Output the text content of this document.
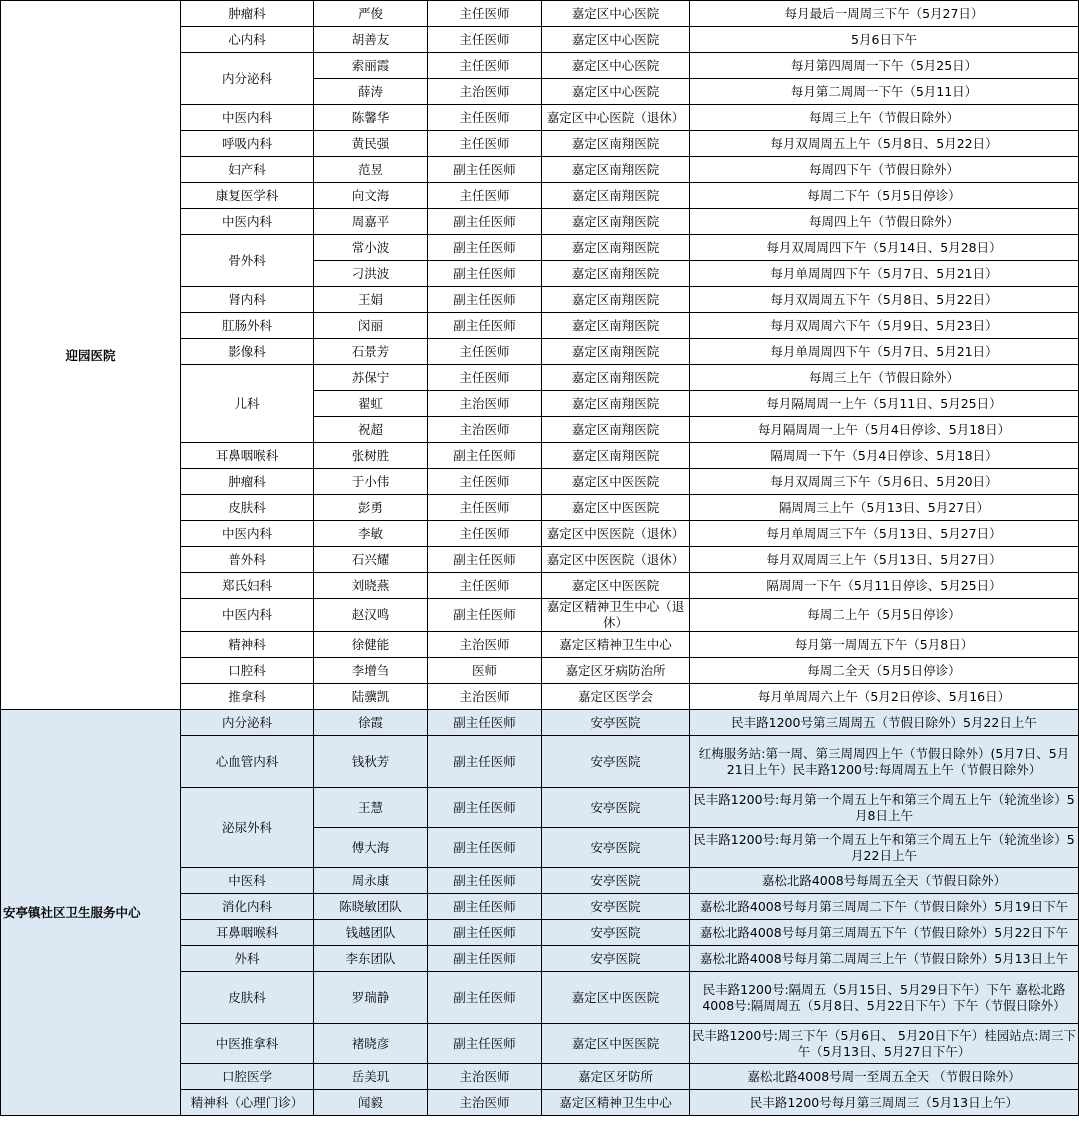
迎园医院	肿瘤科	严俊	主任医师	嘉定区中心医院	每月最后一周周三下午（5月27日）
	心内科	胡善友	主任医师	嘉定区中心医院	5月6日下午
	内分泌科	索丽霞	主任医师	嘉定区中心医院	每月第四周周一下午（5月25日）
		薛涛	主治医师	嘉定区中心医院	每月第二周周一下午（5月11日）
	中医内科	陈馨华	主任医师	嘉定区中心医院（退休）	每周三上午（节假日除外）
	呼吸内科	黄民强	主任医师	嘉定区南翔医院	每月双周周五上午（5月8日、5月22日）
	妇产科	范昱	副主任医师	嘉定区南翔医院	每周四下午（节假日除外）
	康复医学科	向文海	主任医师	嘉定区南翔医院	每周二下午（5月5日停诊）
	中医内科	周嘉平	副主任医师	嘉定区南翔医院	每周四上午（节假日除外）
	骨外科	常小波	副主任医师	嘉定区南翔医院	每月双周周四下午（5月14日、5月28日）
		刁洪波	副主任医师	嘉定区南翔医院	每月单周周四下午（5月7日、5月21日）
	肾内科	王娟	副主任医师	嘉定区南翔医院	每月双周周五下午（5月8日、5月22日）
	肛肠外科	闵丽	副主任医师	嘉定区南翔医院	每月双周周六下午（5月9日、5月23日）
	影像科	石景芳	主任医师	嘉定区南翔医院	每月单周周四下午（5月7日、5月21日）
	儿科	苏保宁	主任医师	嘉定区南翔医院	每周三上午（节假日除外）
		翟虹	主治医师	嘉定区南翔医院	每月隔周周一上午（5月11日、5月25日）
		祝超	主治医师	嘉定区南翔医院	每月隔周周一上午（5月4日停诊、5月18日）
	耳鼻咽喉科	张树胜	副主任医师	嘉定区南翔医院	隔周周一下午（5月4日停诊、5月18日）
	肿瘤科	于小伟	主任医师	嘉定区中医医院	每月双周周三下午（5月6日、5月20日）
	皮肤科	彭勇	主任医师	嘉定区中医医院	隔周周三上午（5月13日、5月27日）
	中医内科	李敏	主任医师	嘉定区中医医院（退休）	每月单周周三下午（5月13日、5月27日）
	普外科	石兴耀	副主任医师	嘉定区中医医院（退休）	每月双周周三上午（5月13日、5月27日）
	郑氏妇科	刘晓燕	主任医师	嘉定区中医医院	隔周周一下午（5月11日停诊、5月25日）
	中医内科	赵汉鸣	副主任医师	嘉定区精神卫生中心（退休）	每周二上午（5月5日停诊）
	精神科	徐健能	主治医师	嘉定区精神卫生中心	每月第一周周五下午（5月8日）
	口腔科	李增刍	医师	嘉定区牙病防治所	每周二全天（5月5日停诊）
	推拿科	陆骥凯	主治医师	嘉定区医学会	每月单周周六上午（5月2日停诊、5月16日）
安亭镇社区卫生服务中心	内分泌科	徐霞	副主任医师	安亭医院	民丰路1200号第三周周五（节假日除外）5月22日上午
	心血管内科	钱秋芳	副主任医师	安亭医院	红梅服务站:第一周、第三周周四上午（节假日除外）(5月7日、5月21日上午）民丰路1200号:每周周五上午（节假日除外）
	泌尿外科	王慧	副主任医师	安亭医院	民丰路1200号:每月第一个周五上午和第三个周五上午（轮流坐诊）5月8日上午
		傅大海	副主任医师	安亭医院	民丰路1200号:每月第一个周五上午和第三个周五上午（轮流坐诊）5月22日上午
	中医科	周永康	副主任医师	安亭医院	嘉松北路4008号每周五全天（节假日除外）
	消化内科	陈晓敏团队	副主任医师	安亭医院	嘉松北路4008号每月第三周周二下午（节假日除外）5月19日下午
	耳鼻咽喉科	钱越团队	副主任医师	安亭医院	嘉松北路4008号每月第三周周五下午（节假日除外）5月22日下午
	外科	李东团队	副主任医师	安亭医院	嘉松北路4008号每月第二周周三上午（节假日除外）5月13日上午
	皮肤科	罗瑞静	副主任医师	嘉定区中医医院	民丰路1200号:隔周五（5月15日、5月29日下午）下午 嘉松北路4008号:隔周周五（5月8日、5月22日下午）下午（节假日除外）
	中医推拿科	褚晓彦	副主任医师	嘉定区中医医院	民丰路1200号:周三下午（5月6日、 5月20日下午）桂园站点:周三下午（5月13日、5月27日下午）
	口腔医学	岳美玑	主治医师	嘉定区牙防所	嘉松北路4008号周一至周五全天 （节假日除外）
	精神科（心理门诊）	闻毅	主治医师	嘉定区精神卫生中心	民丰路1200号每月第三周周三（5月13日上午）
